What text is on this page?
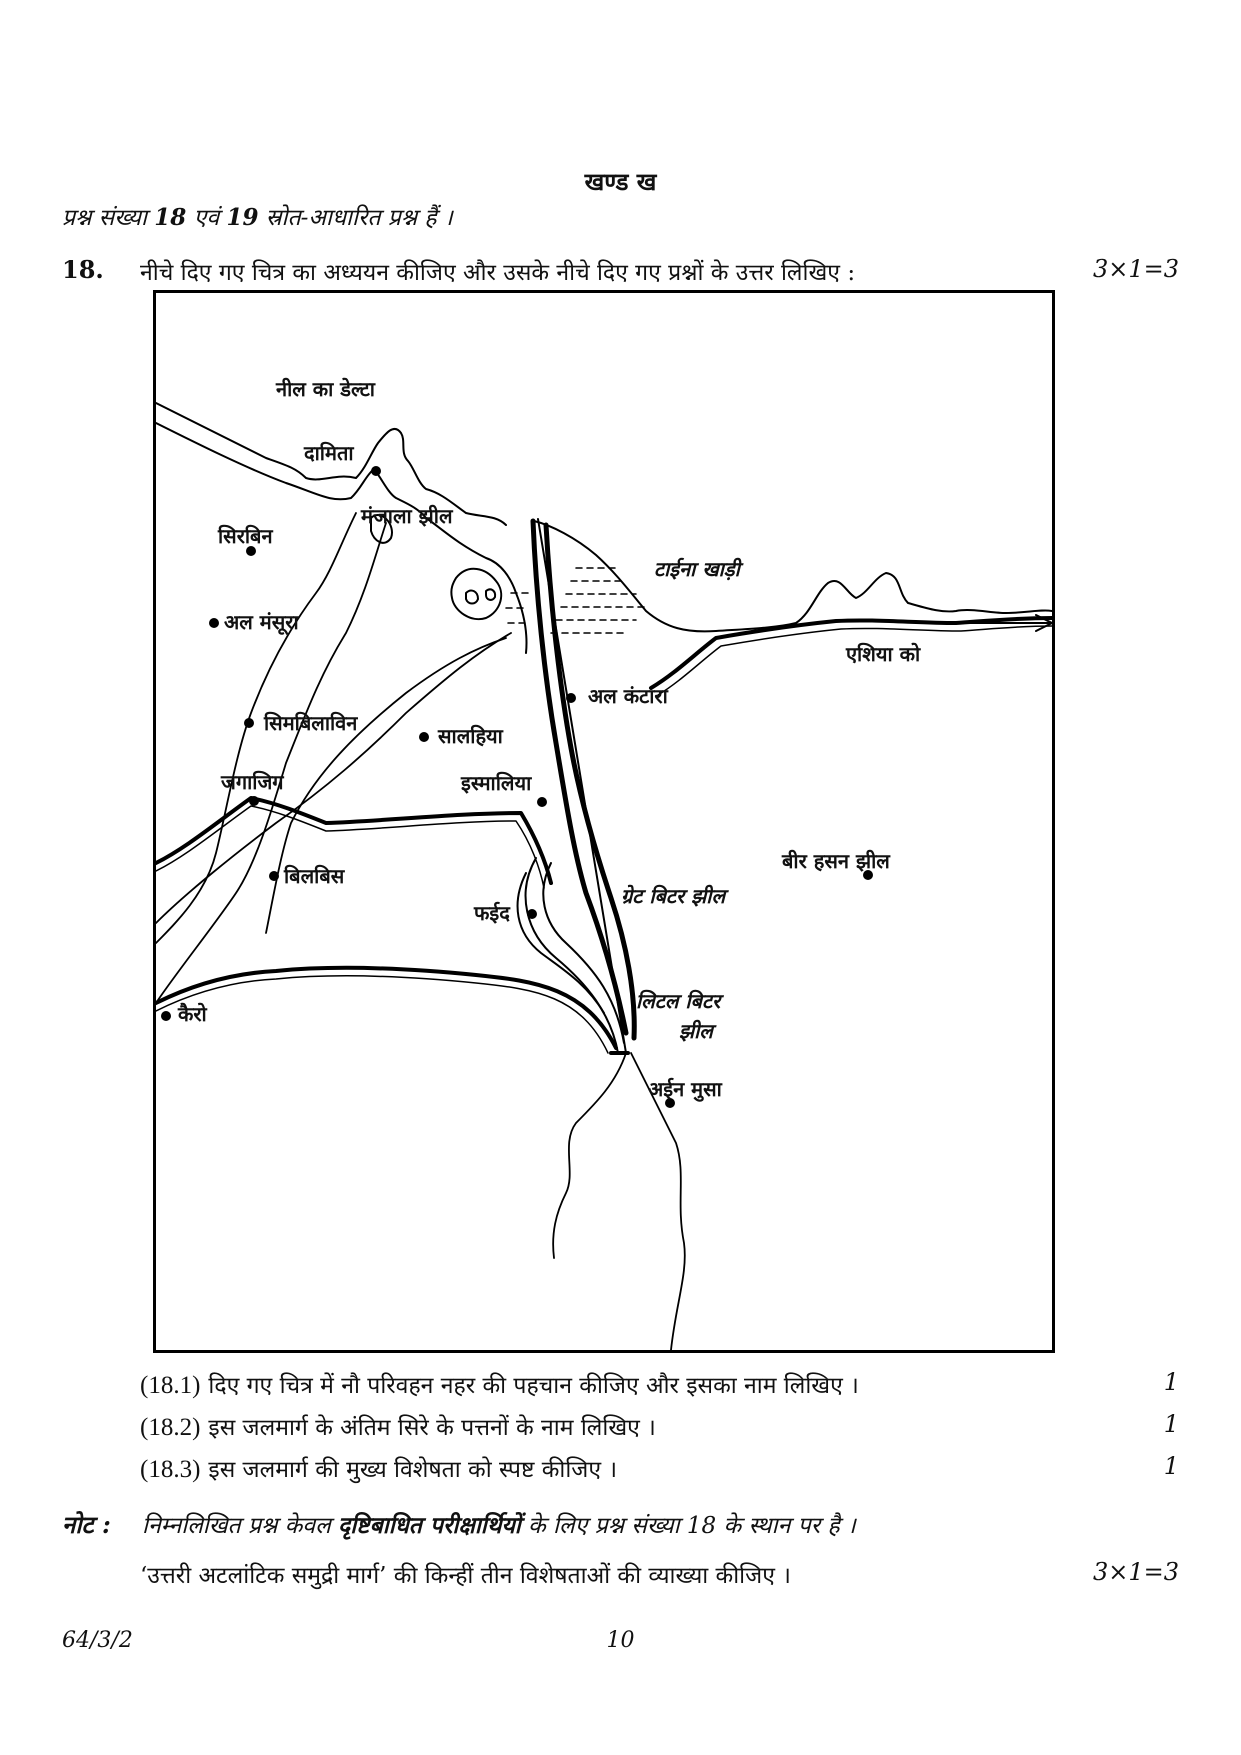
खण्ड ख
प्रश्न संख्या 18 एवं 19 स्रोत-आधारित प्रश्न हैं ।
18. नीचे दिए गए चित्र का अध्ययन कीजिए और उसके नीचे दिए गए प्रश्नों के उत्तर लिखिए :	3×1=3
नील का डेल्टा
दामिता
मंजाला झील
सिरबिन
टाईना खाड़ी
अल मंसूरा
एशिया को
अल कंटारा
सिमबिलाविन
सालहिया
जगाजिग	इस्मालिया
बीर हसन झील
बिलबिस
ग्रेट बिटर झील
फईद
कैरो
लिटल बिटर
झील
अईन मुसा
(18.1) दिए गए चित्र में नौ परिवहन नहर की पहचान कीजिए और इसका नाम लिखिए ।	1
(18.2) इस जलमार्ग के अंतिम सिरे के पत्तनों के नाम लिखिए ।	1
(18.3) इस जलमार्ग की मुख्य विशेषता को स्पष्ट कीजिए ।	1
नोट : निम्नलिखित प्रश्न केवल दृष्टिबाधित परीक्षार्थियों के लिए प्रश्न संख्या 18 के स्थान पर है ।
‘उत्तरी अटलांटिक समुद्री मार्ग’ की किन्हीं तीन विशेषताओं की व्याख्या कीजिए ।	3×1=3
64/3/2	10
